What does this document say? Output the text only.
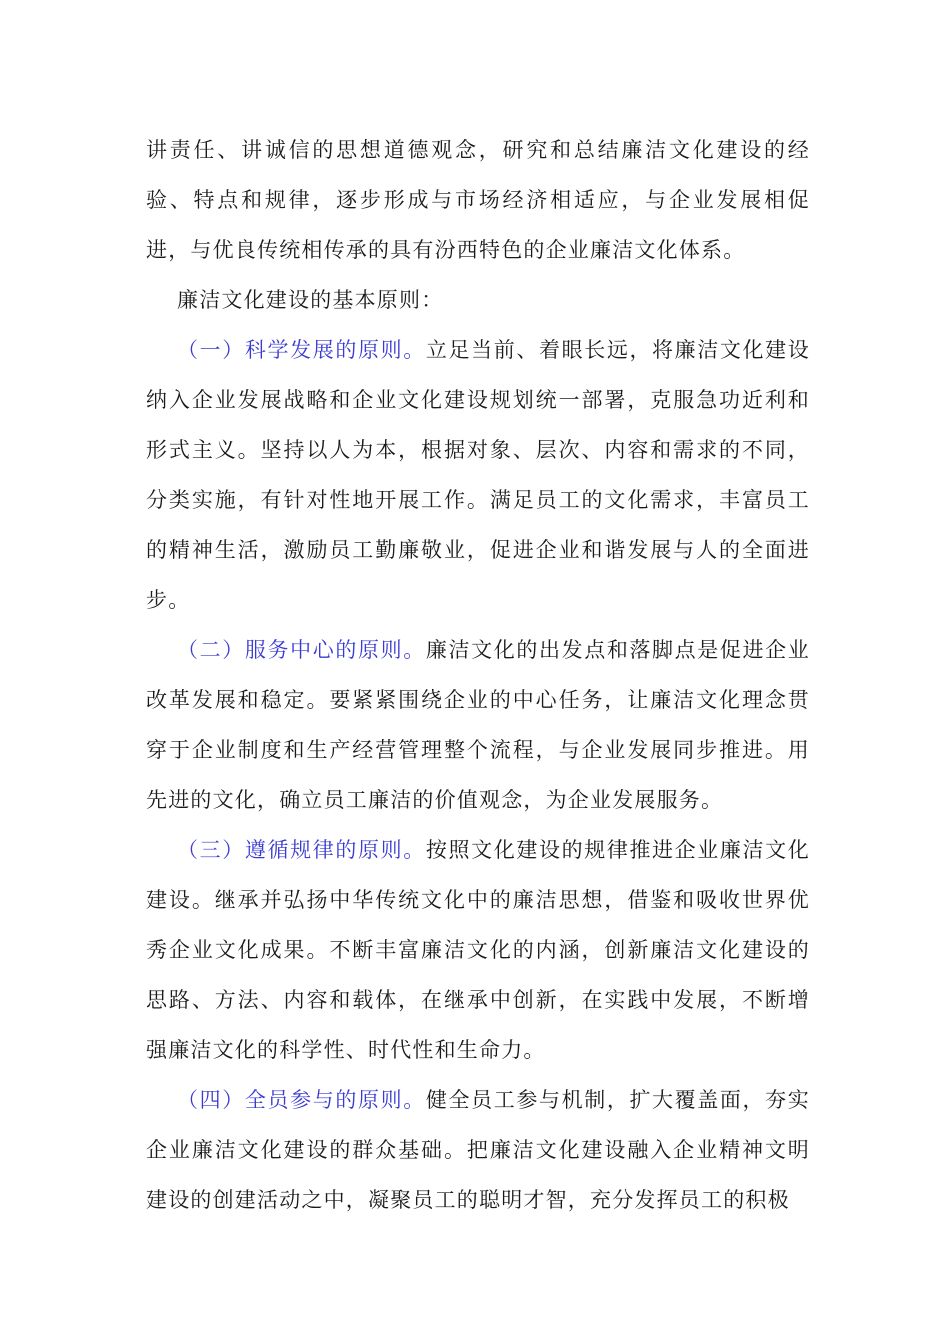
讲责任、讲诚信的思想道德观念，研究和总结廉洁文化建设的经验、特点和规律，逐步形成与市场经济相适应，与企业发展相促进，与优良传统相传承的具有汾西特色的企业廉洁文化体系。

廉洁文化建设的基本原则：

（一）科学发展的原则。立足当前、着眼长远，将廉洁文化建设纳入企业发展战略和企业文化建设规划统一部署，克服急功近利和形式主义。坚持以人为本，根据对象、层次、内容和需求的不同，分类实施，有针对性地开展工作。满足员工的文化需求，丰富员工的精神生活，激励员工勤廉敬业，促进企业和谐发展与人的全面进步。

（二）服务中心的原则。廉洁文化的出发点和落脚点是促进企业改革发展和稳定。要紧紧围绕企业的中心任务，让廉洁文化理念贯穿于企业制度和生产经营管理整个流程，与企业发展同步推进。用先进的文化，确立员工廉洁的价值观念，为企业发展服务。

（三）遵循规律的原则。按照文化建设的规律推进企业廉洁文化建设。继承并弘扬中华传统文化中的廉洁思想，借鉴和吸收世界优秀企业文化成果。不断丰富廉洁文化的内涵，创新廉洁文化建设的思路、方法、内容和载体，在继承中创新，在实践中发展，不断增强廉洁文化的科学性、时代性和生命力。

（四）全员参与的原则。健全员工参与机制，扩大覆盖面，夯实企业廉洁文化建设的群众基础。把廉洁文化建设融入企业精神文明建设的创建活动之中，凝聚员工的聪明才智，充分发挥员工的积极
